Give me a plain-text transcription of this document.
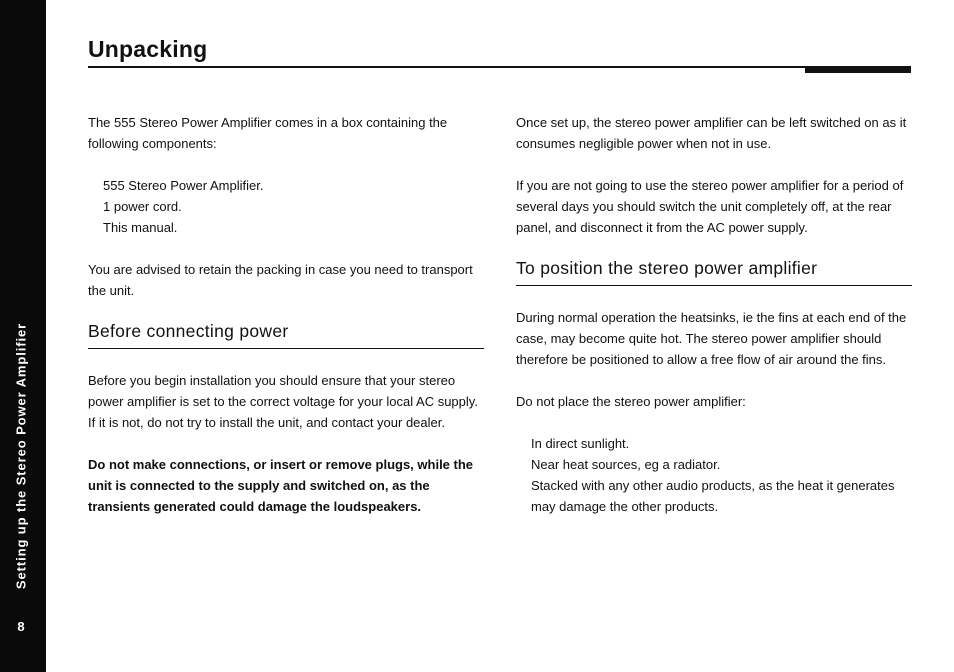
Setting up the Stereo Power Amplifier
8
Unpacking

The 555 Stereo Power Amplifier comes in a box containing the following components:

555 Stereo Power Amplifier.
1 power cord.
This manual.

You are advised to retain the packing in case you need to transport the unit.

Before connecting power

Before you begin installation you should ensure that your stereo power amplifier is set to the correct voltage for your local AC supply. If it is not, do not try to install the unit, and contact your dealer.

Do not make connections, or insert or remove plugs, while the unit is connected to the supply and switched on, as the transients generated could damage the loudspeakers.

Once set up, the stereo power amplifier can be left switched on as it consumes negligible power when not in use.

If you are not going to use the stereo power amplifier for a period of several days you should switch the unit completely off, at the rear panel, and disconnect it from the AC power supply.

To position the stereo power amplifier

During normal operation the heatsinks, ie the fins at each end of the case, may become quite hot. The stereo power amplifier should therefore be positioned to allow a free flow of air around the fins.

Do not place the stereo power amplifier:

In direct sunlight.
Near heat sources, eg a radiator.
Stacked with any other audio products, as the heat it generates may damage the other products.
